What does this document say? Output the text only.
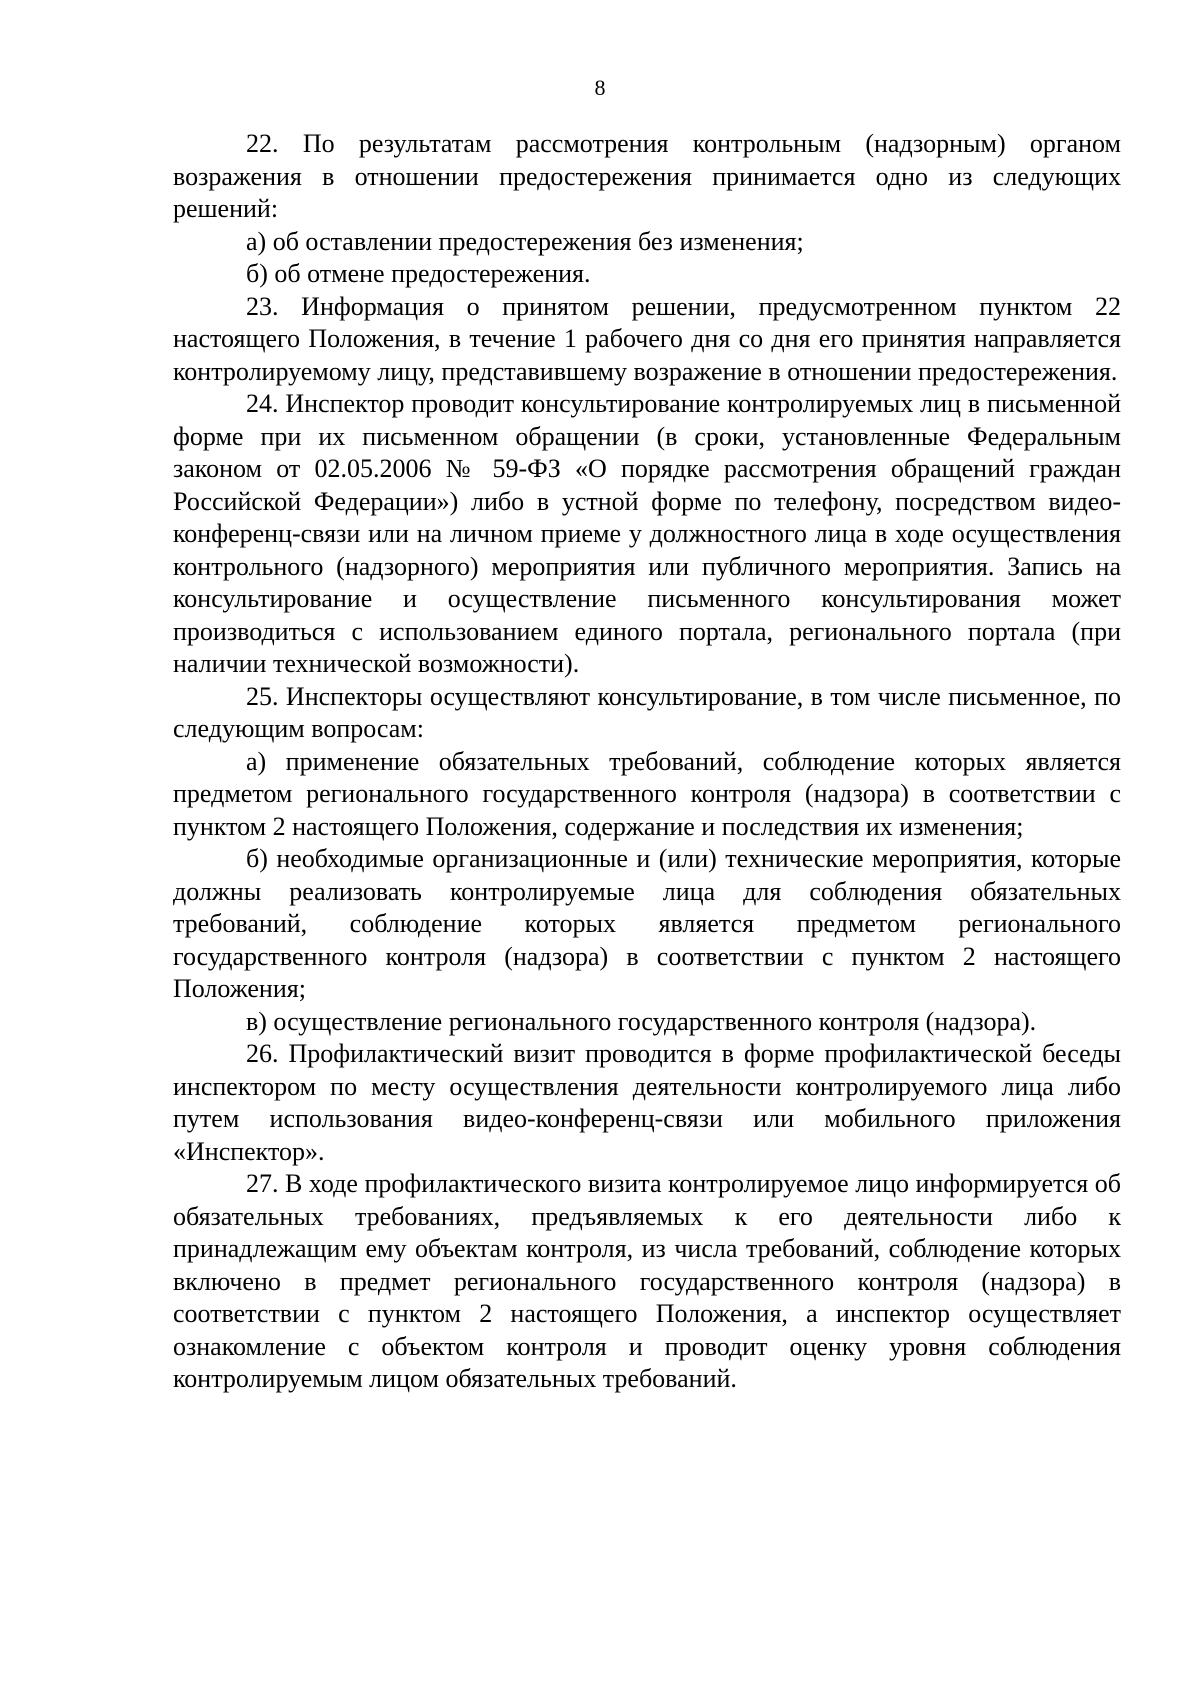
8

22. По результатам рассмотрения контрольным (надзорным) органом возражения в отношении предостережения принимается одно из следующих решений:

а) об оставлении предостережения без изменения;

б) об отмене предостережения.

23. Информация о принятом решении, предусмотренном пунктом 22 настоящего Положения, в течение 1 рабочего дня со дня его принятия направляется контролируемому лицу, представившему возражение в отношении предостережения.

24. Инспектор проводит консультирование контролируемых лиц в письменной форме при их письменном обращении (в сроки, установленные Федеральным законом от 02.05.2006 № 59-ФЗ «О порядке рассмотрения обращений граждан Российской Федерации») либо в устной форме по телефону, посредством видео-конференц-связи или на личном приеме у должностного лица в ходе осуществления контрольного (надзорного) мероприятия или публичного мероприятия. Запись на консультирование и осуществление письменного консультирования может производиться с использованием единого портала, регионального портала (при наличии технической возможности).

25. Инспекторы осуществляют консультирование, в том числе письменное, по следующим вопросам:

а) применение обязательных требований, соблюдение которых является предметом регионального государственного контроля (надзора) в соответствии с пунктом 2 настоящего Положения, содержание и последствия их изменения;

б) необходимые организационные и (или) технические мероприятия, которые должны реализовать контролируемые лица для соблюдения обязательных требований, соблюдение которых является предметом регионального государственного контроля (надзора) в соответствии с пунктом 2 настоящего Положения;

в) осуществление регионального государственного контроля (надзора).

26. Профилактический визит проводится в форме профилактической беседы инспектором по месту осуществления деятельности контролируемого лица либо путем использования видео-конференц-связи или мобильного приложения «Инспектор».

27. В ходе профилактического визита контролируемое лицо информируется об обязательных требованиях, предъявляемых к его деятельности либо к принадлежащим ему объектам контроля, из числа требований, соблюдение которых включено в предмет регионального государственного контроля (надзора) в соответствии с пунктом 2 настоящего Положения, а инспектор осуществляет ознакомление с объектом контроля и проводит оценку уровня соблюдения контролируемым лицом обязательных требований.
